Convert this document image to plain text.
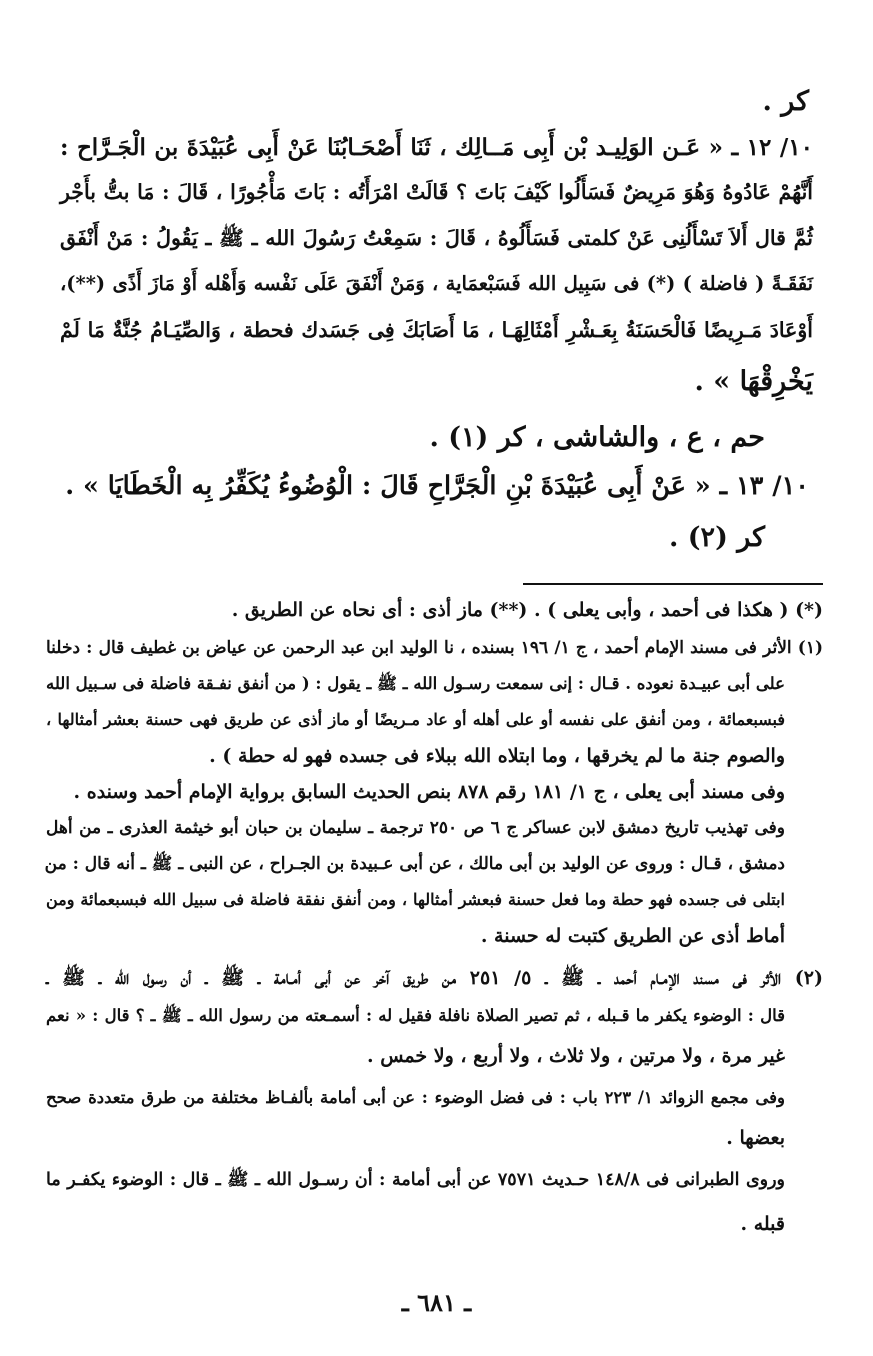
كر .
١٠/ ١٢ ـ « عَـن الوَلِيـد بْن أَبِى مَــالِك ، ثَنَا أَصْحَـابُنَا عَنْ أَبِى عُبَيْدَةَ بن الْجَـرَّاح :
أَنَّهُمْ عَادُوهُ وَهُوَ مَرِيضٌ فَسَأَلُوا كَيْفَ بَاتَ ؟ قَالَتْ امْرَأَتُه : بَاتَ مَأْجُورًا ، قَالَ : مَا بتُّ بأَجْر
ثُمَّ قال أَلاَ تَسْأَلُنِى عَنْ كلمتى فَسَأَلُوهُ ، قَالَ : سَمِعْتُ رَسُولَ الله ـ ﷺ ـ يَقُولُ : مَنْ أَنْفَق
نَفَقَـةً ( فاضلة ) (*) فى سَبِيل الله فَسَبْعمَاية ، وَمَنْ أَنْفَقَ عَلَى نَفْسه وَأَهْله أَوْ مَازَ أَذًى (**)،
أَوْعَادَ مَـرِيضًا فَالْحَسَنَةُ بِعَـشْرِ أَمْثَالِهَـا ، مَا أَصَابَكَ فِى جَسَدك فحطة ، وَالصِّيَـامُ جُنَّةٌ مَا لَمْ
يَخْرِقْهَا » .
حم ، ع ، والشاشى ، كر (١) .
١٠/ ١٣ ـ « عَنْ أَبِى عُبَيْدَةَ بْنِ الْجَرَّاحِ قَالَ : الْوُضُوءُ يُكَفِّرُ بِه الْخَطَايَا » .
كر (٢) .
(*) ( هكذا فى أحمد ، وأبى يعلى ) . (**) ماز أذى : أى نحاه عن الطريق .
(١) الأثر فى مسند الإمام أحمد ، ج ١/ ١٩٦ بسنده ، نا الوليد ابن عبد الرحمن عن عياض بن غطيف قال : دخلنا
على أبى عبيـدة نعوده . قـال : إنى سمعت رسـول الله ـ ﷺ ـ يقول : ( من أنفق نفـقة فاضلة فى سـبيل الله
فبسبعمائة ، ومن أنفق على نفسه أو على أهله أو عاد مـريضًا أو ماز أذى عن طريق فهى حسنة بعشر أمثالها ،
والصوم جنة ما لم يخرقها ، وما ابتلاه الله ببلاء فى جسده فهو له حطة ) .
وفى مسند أبى يعلى ، ج ١/ ١٨١ رقم ٨٧٨ بنص الحديث السابق برواية الإمام أحمد وسنده .
وفى تهذيب تاريخ دمشق لابن عساكر ج ٦ ص ٢٥٠ ترجمة ـ سليمان بن حبان أبو خيثمة العذرى ـ من أهل
دمشق ، قـال : وروى عن الوليد بن أبى مالك ، عن أبى عـبيدة بن الجـراح ، عن النبى ـ ﷺ ـ أنه قال : من
ابتلى فى جسده فهو حطة وما فعل حسنة فبعشر أمثالها ، ومن أنفق نفقة فاضلة فى سبيل الله فبسبعمائة ومن
أماط أذى عن الطريق كتبت له حسنة .
(٢) الأثر فى مسند الإمـام أحمد ـ ﷺ ـ ٥/ ٢٥١ من طريق آخر عن أبى أمـامة ـ ﷺ ـ أن رسول الله ـ ﷺ ـ
قال : الوضوء يكفر ما قـبله ، ثم تصير الصلاة نافلة فقيل له : أسمـعته من رسول الله ـ ﷺ ـ ؟ قال : « نعم
غير مرة ، ولا مرتين ، ولا ثلاث ، ولا أربع ، ولا خمس .
وفى مجمع الزوائد ١/ ٢٢٣ باب : فى فضل الوضوء : عن أبى أمامة بألفـاظ مختلفة من طرق متعددة صحح
بعضها .
وروى الطبرانى فى ١٤٨/٨ حـديث ٧٥٧١ عن أبى أمامة : أن رسـول الله ـ ﷺ ـ قال : الوضوء يكفـر ما
قبله .
ـ ٦٨١ ـ
